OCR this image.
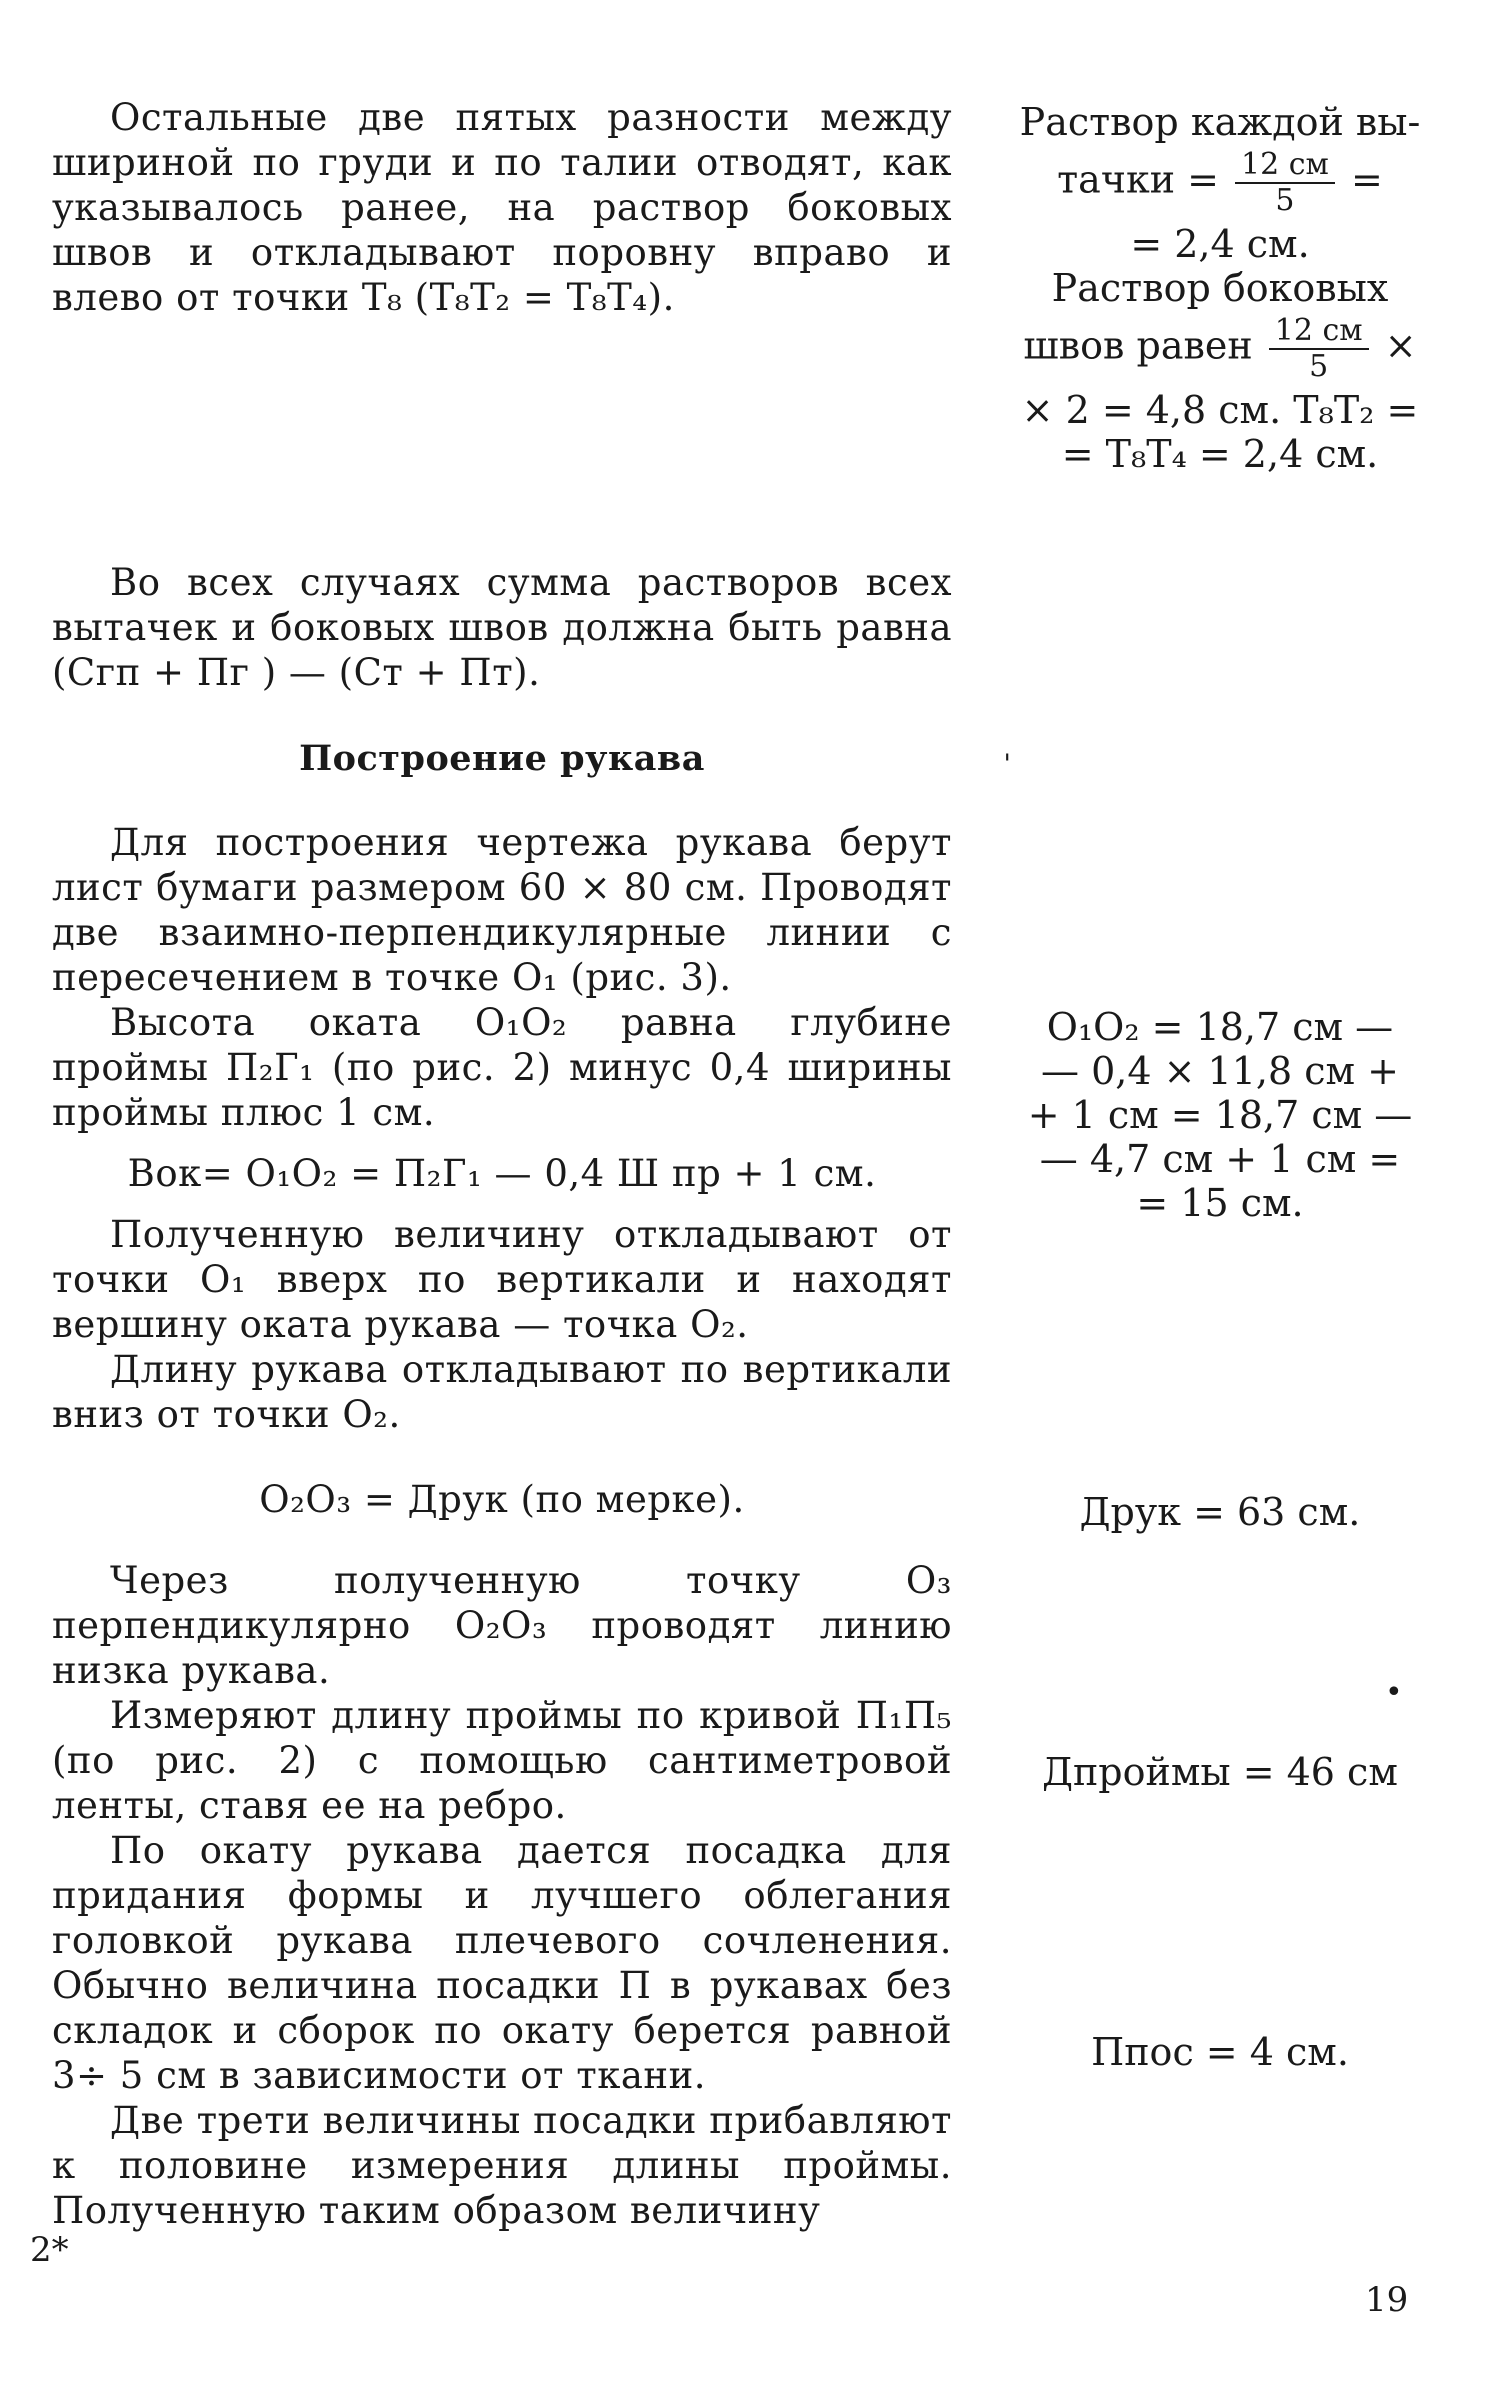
Остальные две пятых разности между шириной по груди и по талии отводят, как указывалось ранее, на раствор боковых швов и откладывают поровну вправо и влево от точки Т₈ (Т₈Т₂ = Т₈Т₄).

Во всех случаях сумма растворов всех вытачек и боковых швов должна быть равна (Сгп + Пг ) — (Ст + Пт).

Построение рукава

Для построения чертежа рукава берут лист бумаги размером 60 × 80 см. Проводят две взаимно-перпендикулярные линии с пересечением в точке О₁ (рис. 3).

Высота оката О₁О₂ равна глубине проймы П₂Г₁ (по рис. 2) минус 0,4 ширины проймы плюс 1 см.

Вок= О₁О₂ = П₂Г₁ — 0,4 Ш пр + 1 см.

Полученную величину откладывают от точки О₁ вверх по вертикали и находят вершину оката рукава — точка О₂.

Длину рукава откладывают по вертикали вниз от точки О₂.

О₂О₃ = Друк (по мерке).

Через полученную точку О₃ перпендикулярно О₂О₃ проводят линию низка рукава.

Измеряют длину проймы по кривой П₁П₅ (по рис. 2) с помощью сантиметровой ленты, ставя ее на ребро.

По окату рукава дается посадка для придания формы и лучшего облегания головкой рукава плечевого сочленения. Обычно величина посадки П в рукавах без складок и сборок по окату берется равной 3÷ 5 см в зависимости от ткани.

Две трети величины посадки прибавляют к половине измерения длины проймы. Полученную таким образом величину

Раствор каждой вы-
тачки = $\frac{12 см}{5}$ =
= 2,4 см.
Раствор боковых
швов равен $\frac{12 см}{5}$ ×
× 2 = 4,8 см. Т₈Т₂ =
= Т₈Т₄ = 2,4 см.
О₁О₂ = 18,7 см —
— 0,4 × 11,8 см +
+ 1 см = 18,7 см —
— 4,7 см + 1 см =
= 15 см.
Друк = 63 см.
Дпроймы = 46 см
Ппос = 4 см.
ˌ
•
2*
19
